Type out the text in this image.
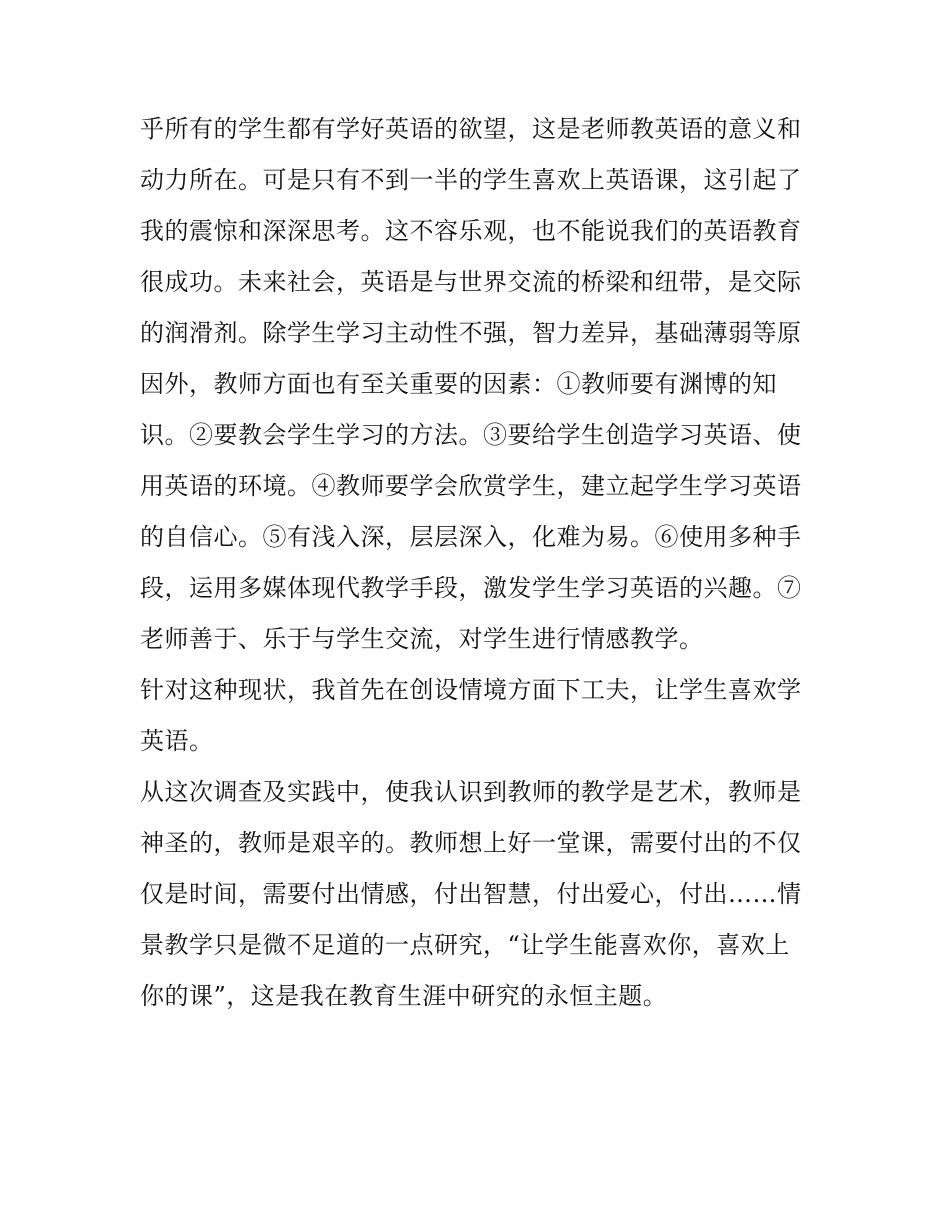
乎所有的学生都有学好英语的欲望，这是老师教英语的意义和
动力所在。可是只有不到一半的学生喜欢上英语课，这引起了
我的震惊和深深思考。这不容乐观，也不能说我们的英语教育
很成功。未来社会，英语是与世界交流的桥梁和纽带，是交际
的润滑剂。除学生学习主动性不强，智力差异，基础薄弱等原
因外，教师方面也有至关重要的因素：①教师要有渊博的知
识。②要教会学生学习的方法。③要给学生创造学习英语、使
用英语的环境。④教师要学会欣赏学生，建立起学生学习英语
的自信心。⑤有浅入深，层层深入，化难为易。⑥使用多种手
段，运用多媒体现代教学手段，激发学生学习英语的兴趣。⑦
老师善于、乐于与学生交流，对学生进行情感教学。
针对这种现状，我首先在创设情境方面下工夫，让学生喜欢学
英语。
从这次调查及实践中，使我认识到教师的教学是艺术，教师是
神圣的，教师是艰辛的。教师想上好一堂课，需要付出的不仅
仅是时间，需要付出情感，付出智慧，付出爱心，付出……情
景教学只是微不足道的一点研究，“让学生能喜欢你，喜欢上
你的课”，这是我在教育生涯中研究的永恒主题。
